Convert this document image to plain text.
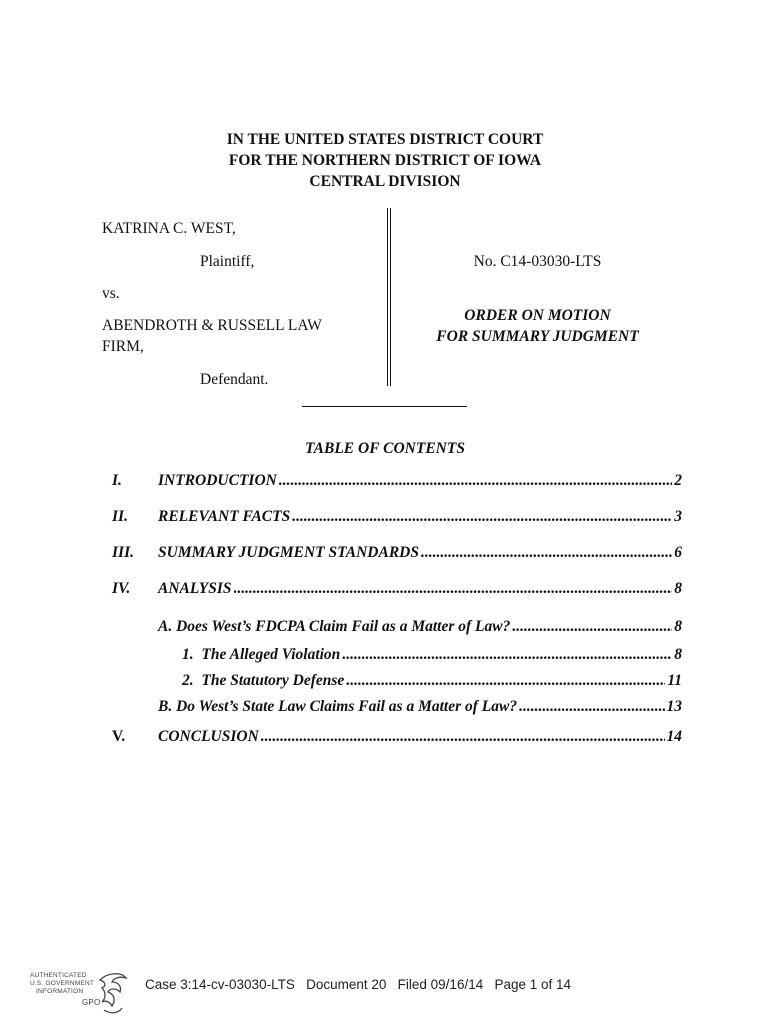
IN THE UNITED STATES DISTRICT COURT
FOR THE NORTHERN DISTRICT OF IOWA
CENTRAL DIVISION
KATRINA C. WEST,
Plaintiff,
vs.
ABENDROTH & RUSSELL LAW
FIRM,
Defendant.
No. C14-03030-LTS
ORDER ON MOTION
FOR SUMMARY JUDGMENT
TABLE OF CONTENTS
I.	INTRODUCTION .....	2
II.	RELEVANT FACTS .....	3
III.	SUMMARY JUDGMENT STANDARDS .....	6
IV.	ANALYSIS .....	8
A. Does West’s FDCPA Claim Fail as a Matter of Law? .....	8
1.  The Alleged Violation .....	8
2.  The Statutory Defense .....	11
B. Do West’s State Law Claims Fail as a Matter of Law? .....	13
V.	CONCLUSION .....	14
AUTHENTICATED
U.S. GOVERNMENT
INFORMATION
GPO
Case 3:14-cv-03030-LTS Document 20 Filed 09/16/14 Page 1 of 14
